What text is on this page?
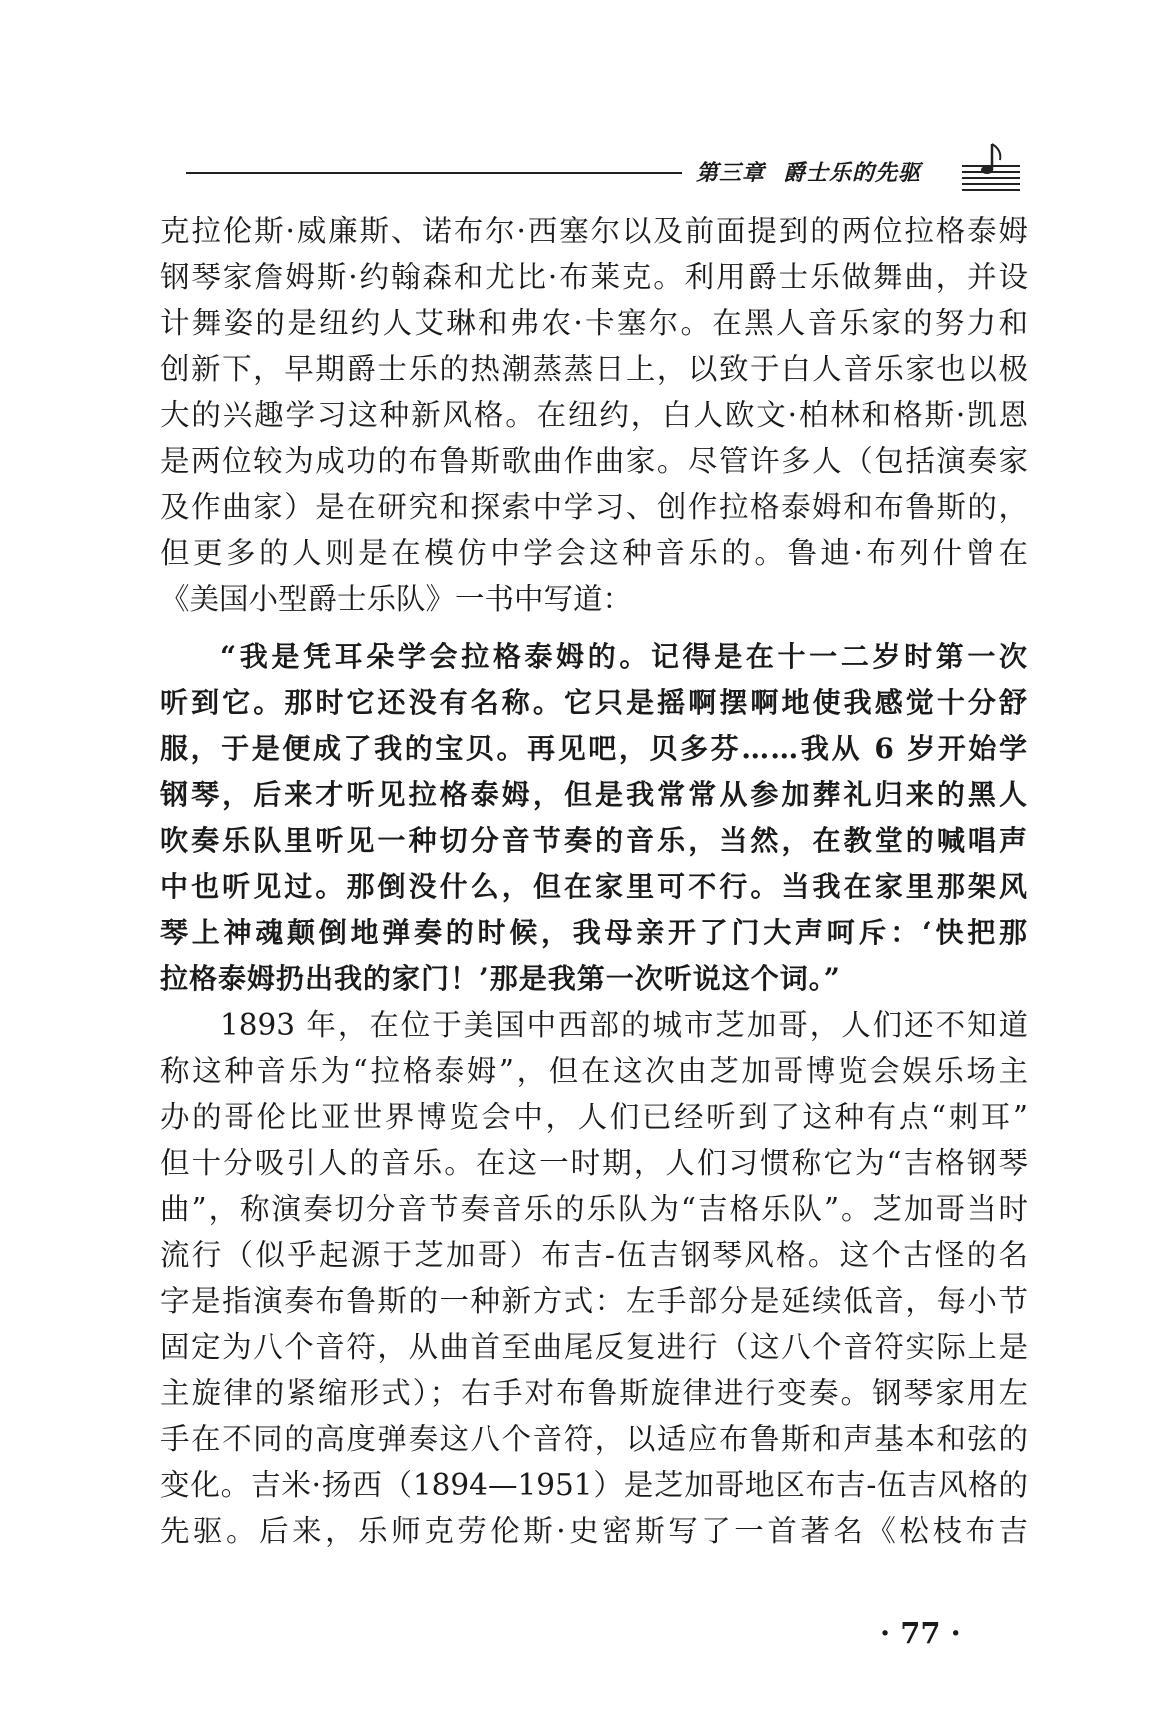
第三章 爵士乐的先驱
克拉伦斯·威廉斯、诺布尔·西塞尔以及前面提到的两位拉格泰姆
钢琴家詹姆斯·约翰森和尤比·布莱克。利用爵士乐做舞曲，并设
计舞姿的是纽约人艾琳和弗农·卡塞尔。在黑人音乐家的努力和
创新下，早期爵士乐的热潮蒸蒸日上，以致于白人音乐家也以极
大的兴趣学习这种新风格。在纽约，白人欧文·柏林和格斯·凯恩
是两位较为成功的布鲁斯歌曲作曲家。尽管许多人（包括演奏家
及作曲家）是在研究和探索中学习、创作拉格泰姆和布鲁斯的，
但更多的人则是在模仿中学会这种音乐的。鲁迪·布列什曾在
《美国小型爵士乐队》一书中写道：
“我是凭耳朵学会拉格泰姆的。记得是在十一二岁时第一次
听到它。那时它还没有名称。它只是摇啊摆啊地使我感觉十分舒
服，于是便成了我的宝贝。再见吧，贝多芬……我从 6 岁开始学
钢琴，后来才听见拉格泰姆，但是我常常从参加葬礼归来的黑人
吹奏乐队里听见一种切分音节奏的音乐，当然，在教堂的喊唱声
中也听见过。那倒没什么，但在家里可不行。当我在家里那架风
琴上神魂颠倒地弹奏的时候，我母亲开了门大声呵斥：‘快把那
拉格泰姆扔出我的家门！’那是我第一次听说这个词。”
1893 年，在位于美国中西部的城市芝加哥，人们还不知道
称这种音乐为“拉格泰姆”，但在这次由芝加哥博览会娱乐场主
办的哥伦比亚世界博览会中，人们已经听到了这种有点“刺耳”
但十分吸引人的音乐。在这一时期，人们习惯称它为“吉格钢琴
曲”，称演奏切分音节奏音乐的乐队为“吉格乐队”。芝加哥当时
流行（似乎起源于芝加哥）布吉-伍吉钢琴风格。这个古怪的名
字是指演奏布鲁斯的一种新方式：左手部分是延续低音，每小节
固定为八个音符，从曲首至曲尾反复进行（这八个音符实际上是
主旋律的紧缩形式）；右手对布鲁斯旋律进行变奏。钢琴家用左
手在不同的高度弹奏这八个音符，以适应布鲁斯和声基本和弦的
变化。吉米·扬西（1894—1951）是芝加哥地区布吉-伍吉风格的
先驱。后来，乐师克劳伦斯·史密斯写了一首著名《松枝布吉
· 77 ·
